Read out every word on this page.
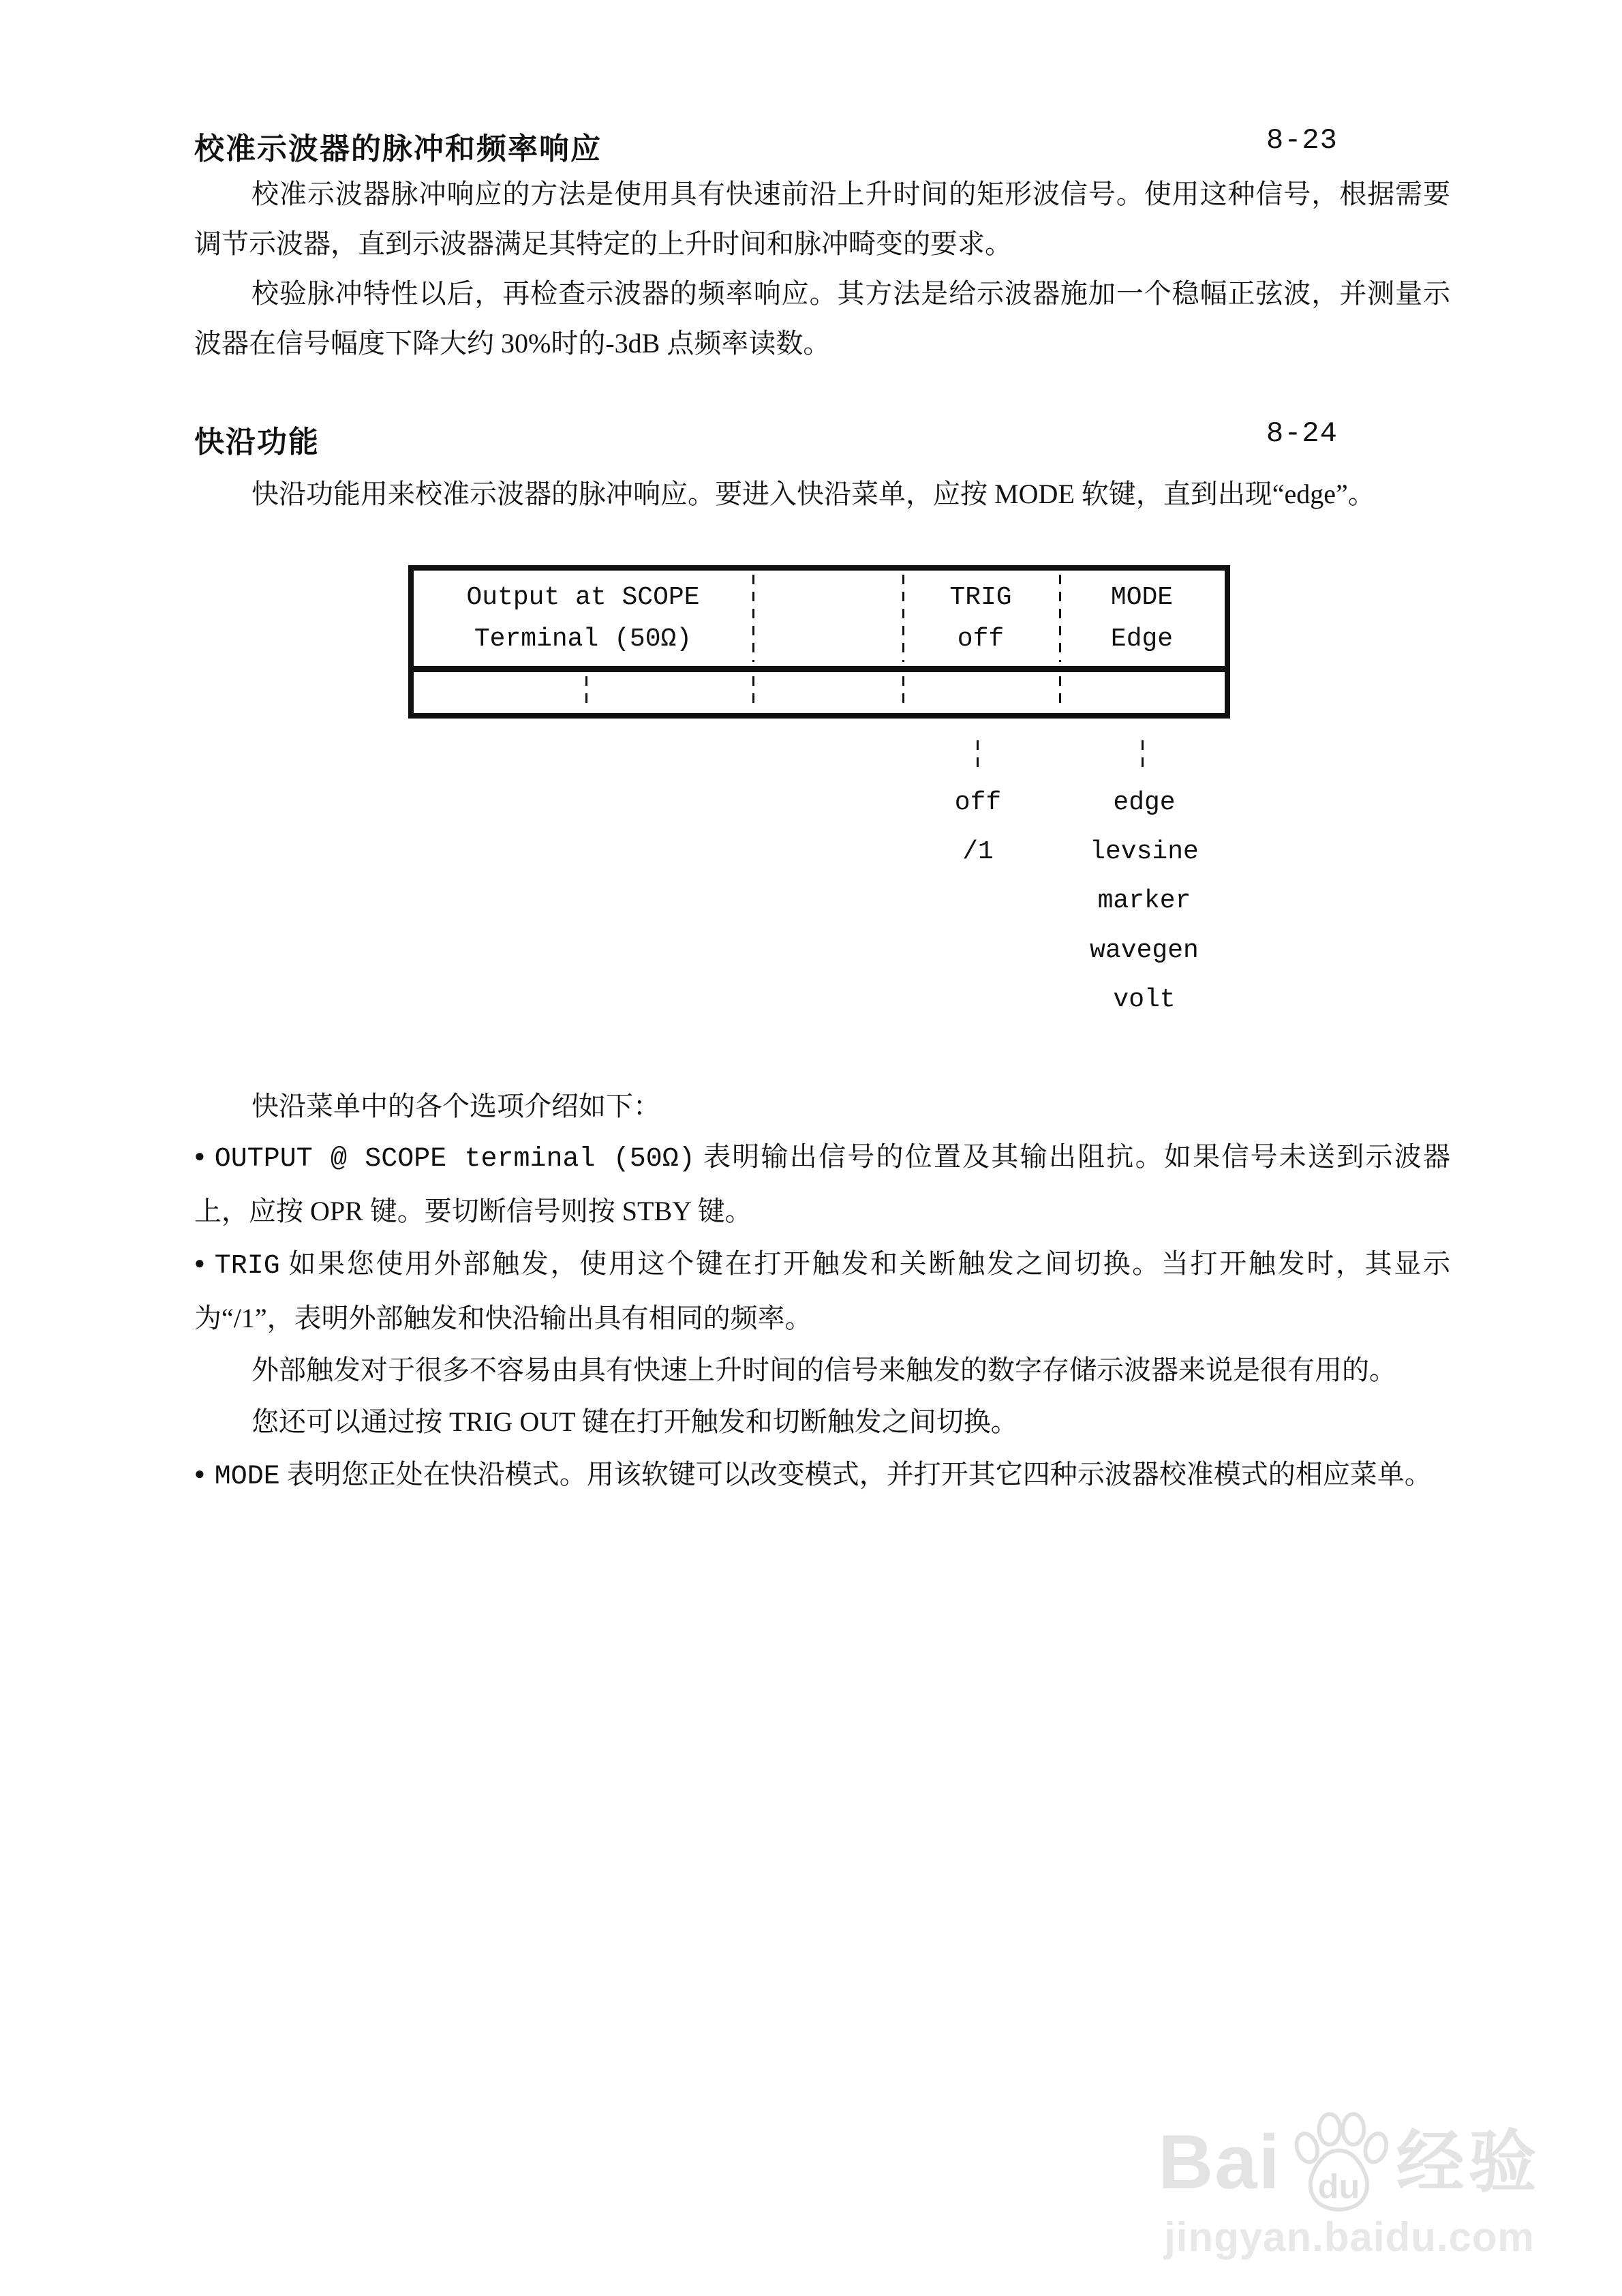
校准示波器的脉冲和频率响应	8-23

校准示波器脉冲响应的方法是使用具有快速前沿上升时间的矩形波信号。使用这种信号，根据需要调节示波器，直到示波器满足其特定的上升时间和脉冲畸变的要求。

校验脉冲特性以后，再检查示波器的频率响应。其方法是给示波器施加一个稳幅正弦波，并测量示波器在信号幅度下降大约 30%时的-3dB 点频率读数。

快沿功能	8-24

快沿功能用来校准示波器的脉冲响应。要进入快沿菜单，应按 MODE 软键，直到出现“edge”。

Output at SCOPE
Terminal (50Ω)
TRIG
off
MODE
Edge
off
/1
edge
levsine
marker
wavegen
volt

快沿菜单中的各个选项介绍如下：

● OUTPUT @ SCOPE terminal (50Ω) 表明输出信号的位置及其输出阻抗。如果信号未送到示波器上，应按 OPR 键。要切断信号则按 STBY 键。

● TRIG 如果您使用外部触发，使用这个键在打开触发和关断触发之间切换。当打开触发时，其显示为“/1”，表明外部触发和快沿输出具有相同的频率。

外部触发对于很多不容易由具有快速上升时间的信号来触发的数字存储示波器来说是很有用的。

您还可以通过按 TRIG OUT 键在打开触发和切断触发之间切换。

● MODE 表明您正处在快沿模式。用该软键可以改变模式，并打开其它四种示波器校准模式的相应菜单。

Bai du 经验
jingyan.baidu.com
